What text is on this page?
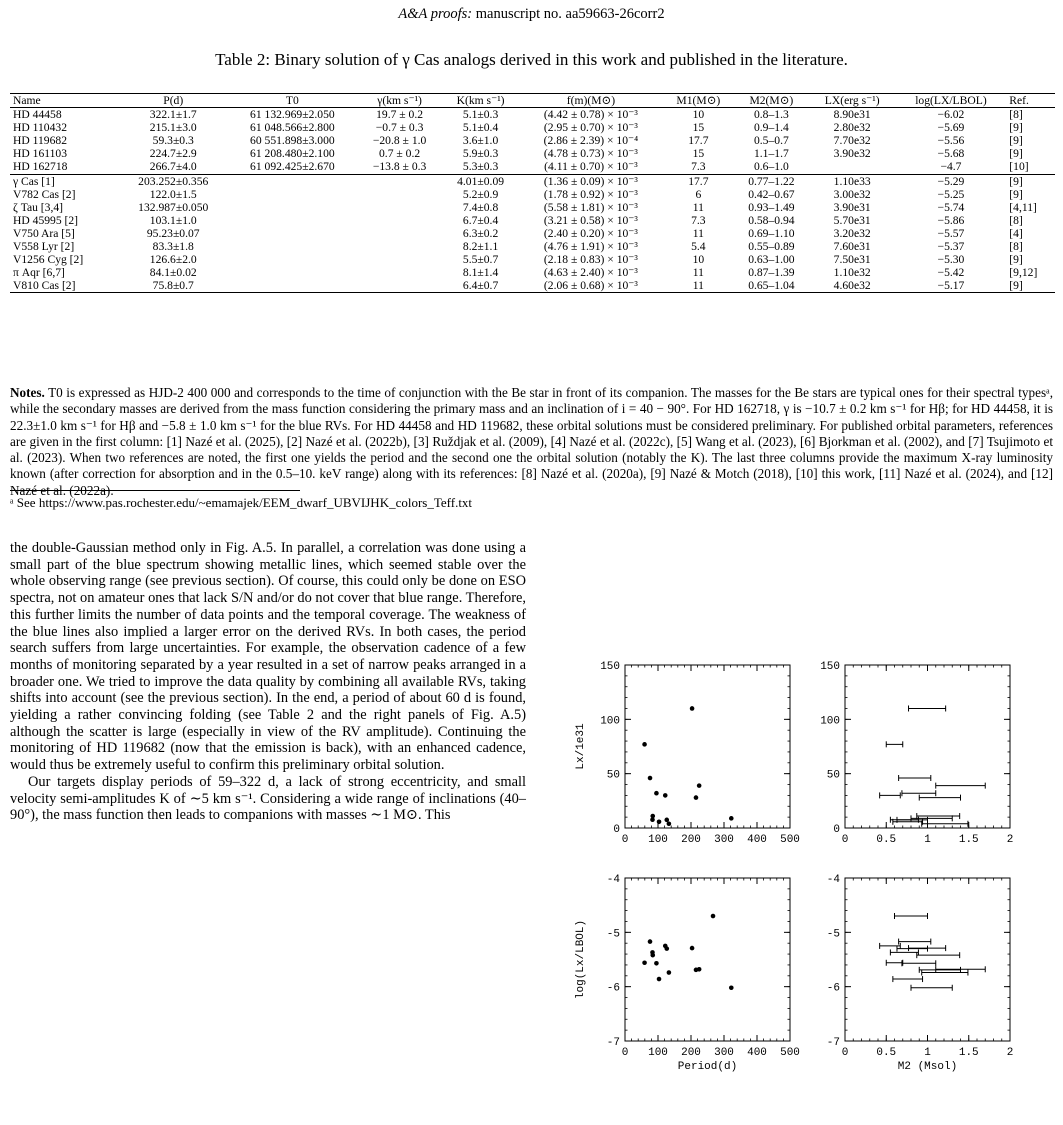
A&A proofs: manuscript no. aa59663-26corr2
Table 2: Binary solution of γ Cas analogs derived in this work and published in the literature.
Name	P(d)	T0	γ(km s⁻¹)	K(km s⁻¹)	f(m)(M⊙)	M1(M⊙)	M2(M⊙)	LX(erg s⁻¹)	log(LX/LBOL)	Ref.
HD 44458	322.1±1.7	61 132.969±2.050	19.7 ± 0.2	5.1±0.3	(4.42 ± 0.78) × 10⁻³	10	0.8–1.3	8.90e31	−6.02	[8]
HD 110432	215.1±3.0	61 048.566±2.800	−0.7 ± 0.3	5.1±0.4	(2.95 ± 0.70) × 10⁻³	15	0.9–1.4	2.80e32	−5.69	[9]
HD 119682	59.3±0.3	60 551.898±3.000	−20.8 ± 1.0	3.6±1.0	(2.86 ± 2.39) × 10⁻⁴	17.7	0.5–0.7	7.70e32	−5.56	[9]
HD 161103	224.7±2.9	61 208.480±2.100	0.7 ± 0.2	5.9±0.3	(4.78 ± 0.73) × 10⁻³	15	1.1–1.7	3.90e32	−5.68	[9]
HD 162718	266.7±4.0	61 092.425±2.670	−13.8 ± 0.3	5.3±0.3	(4.11 ± 0.70) × 10⁻³	7.3	0.6–1.0		−4.7	[10]
γ Cas [1]	203.252±0.356			4.01±0.09	(1.36 ± 0.09) × 10⁻³	17.7	0.77–1.22	1.10e33	−5.29	[9]
V782 Cas [2]	122.0±1.5			5.2±0.9	(1.78 ± 0.92) × 10⁻³	6	0.42–0.67	3.00e32	−5.25	[9]
ζ Tau [3,4]	132.987±0.050			7.4±0.8	(5.58 ± 1.81) × 10⁻³	11	0.93–1.49	3.90e31	−5.74	[4,11]
HD 45995 [2]	103.1±1.0			6.7±0.4	(3.21 ± 0.58) × 10⁻³	7.3	0.58–0.94	5.70e31	−5.86	[8]
V750 Ara [5]	95.23±0.07			6.3±0.2	(2.40 ± 0.20) × 10⁻³	11	0.69–1.10	3.20e32	−5.57	[4]
V558 Lyr [2]	83.3±1.8			8.2±1.1	(4.76 ± 1.91) × 10⁻³	5.4	0.55–0.89	7.60e31	−5.37	[8]
V1256 Cyg [2]	126.6±2.0			5.5±0.7	(2.18 ± 0.83) × 10⁻³	10	0.63–1.00	7.50e31	−5.30	[9]
π Aqr [6,7]	84.1±0.02			8.1±1.4	(4.63 ± 2.40) × 10⁻³	11	0.87–1.39	1.10e32	−5.42	[9,12]
V810 Cas [2]	75.8±0.7			6.4±0.7	(2.06 ± 0.68) × 10⁻³	11	0.65–1.04	4.60e32	−5.17	[9]
Notes. T0 is expressed as HJD-2 400 000 and corresponds to the time of conjunction with the Be star in front of its companion. The masses for the Be stars are typical ones for their spectral typesᵃ, while the secondary masses are derived from the mass function considering the primary mass and an inclination of i = 40 − 90°. For HD 162718, γ is −10.7 ± 0.2 km s⁻¹ for Hβ; for HD 44458, it is 22.3±1.0 km s⁻¹ for Hβ and −5.8 ± 1.0 km s⁻¹ for the blue RVs. For HD 44458 and HD 119682, these orbital solutions must be considered preliminary. For published orbital parameters, references are given in the first column: [1] Nazé et al. (2025), [2] Nazé et al. (2022b), [3] Ruždjak et al. (2009), [4] Nazé et al. (2022c), [5] Wang et al. (2023), [6] Bjorkman et al. (2002), and [7] Tsujimoto et al. (2023). When two references are noted, the first one yields the period and the second one the orbital solution (notably the K). The last three columns provide the maximum X-ray luminosity known (after correction for absorption and in the 0.5–10. keV range) along with its references: [8] Nazé et al. (2020a), [9] Nazé & Motch (2018), [10] this work, [11] Nazé et al. (2024), and [12] Nazé et al. (2022a).
ᵃ See https://www.pas.rochester.edu/~emamajek/EEM_dwarf_UBVIJHK_colors_Teff.txt

the double-Gaussian method only in Fig. A.5. In parallel, a correlation was done using a small part of the blue spectrum showing metallic lines, which seemed stable over the whole observing range (see previous section). Of course, this could only be done on ESO spectra, not on amateur ones that lack S/N and/or do not cover that blue range. Therefore, this further limits the number of data points and the temporal coverage. The weakness of the blue lines also implied a larger error on the derived RVs. In both cases, the period search suffers from large uncertainties. For example, the observation cadence of a few months of monitoring separated by a year resulted in a set of narrow peaks arranged in a broader one. We tried to improve the data quality by combining all available RVs, taking shifts into account (see the previous section). In the end, a period of about 60 d is found, yielding a rather convincing folding (see Table 2 and the right panels of Fig. A.5) although the scatter is large (especially in view of the RV amplitude). Continuing the monitoring of HD 119682 (now that the emission is back), with an enhanced cadence, would thus be extremely useful to confirm this preliminary orbital solution.

Our targets display periods of 59–322 d, a lack of strong eccentricity, and small velocity semi-amplitudes K of ∼5 km s⁻¹. Considering a wide range of inclinations (40–90°), the mass function then leads to companions with masses ∼1 M⊙. This

0 100 200 300 400 500
0
50
100
150
Lx/1e31
0	0.5	1	1.5	2
0
50
100
150
0 100 200 300 400 500
-4
-5
-6
-7
Period(d)
log(Lx/LBOL)
0	0.5	1	1.5	2
-4
-5
-6
-7
M2 (Msol)
